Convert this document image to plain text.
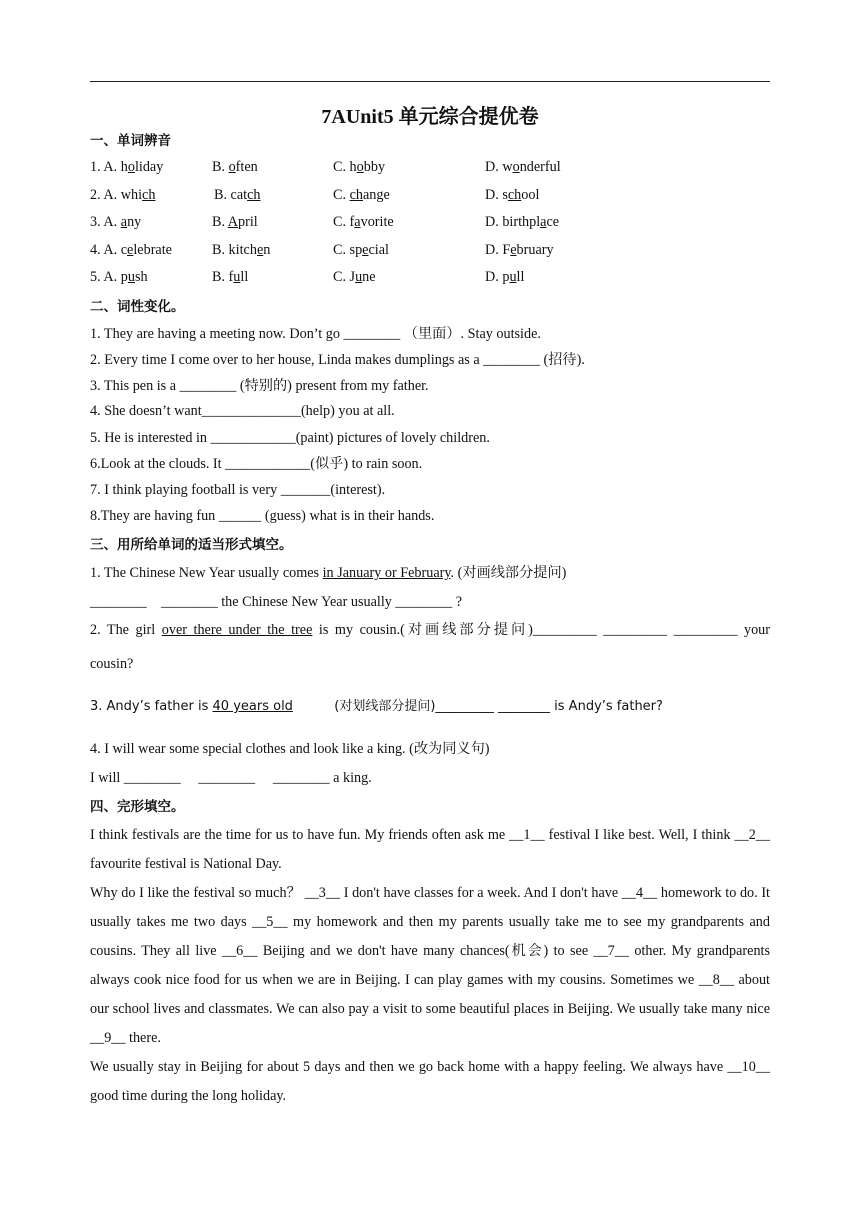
7AUnit5 单元综合提优卷
一、单词辨音
1. A. holiday	B. often	C. hobby	D. wonderful
2. A. which	B. catch	C. change	D. school
3. A. any	B. April	C. favorite	D. birthplace
4. A. celebrate	B. kitchen	C. special	D. February
5. A. push	B. full	C. June	D. pull
二、词性变化。
1. They are having a meeting now. Don’t go ________ （里面）. Stay outside.
2. Every time I come over to her house, Linda makes dumplings as a ________ (招待).
3. This pen is a ________ (特别的) present from my father.
4. She doesn’t want______________(help) you at all.
5. He is interested in ____________(paint) pictures of lovely children.
6.Look at the clouds. It ____________(似乎) to rain soon.
7. I think playing football is very _______(interest).
8.They are having fun ______ (guess) what is in their hands.
三、用所给单词的适当形式填空。
1. The Chinese New Year usually comes in January or February. (对画线部分提问)
________    ________ the Chinese New Year usually ________ ?
2. The girl over there under the tree is my cousin.(对画线部分提问)_________ _________ _________ your
cousin?
3. Andy’s father is 40 years old          (对划线部分提问)_________ ________ is Andy’s father?
4. I will wear some special clothes and look like a king. (改为同义句)
I will ________     ________     ________ a king.
四、完形填空。
I think festivals are the time for us to have fun. My friends often ask me __1__ festival I like best. Well, I think __2__ favourite festival is National Day.
Why do I like the festival so much？ __3__ I don't have classes for a week. And I don't have __4__ homework to do. It usually takes me two days __5__ my homework and then my parents usually take me to see my grandparents and cousins. They all live __6__ Beijing and we don't have many chances(机会) to see __7__ other. My grandparents always cook nice food for us when we are in Beijing. I can play games with my cousins. Sometimes we __8__ about our school lives and classmates. We can also pay a visit to some beautiful places in Beijing. We usually take many nice __9__ there.
We usually stay in Beijing for about 5 days and then we go back home with a happy feeling. We always have __10__ good time during the long holiday.
